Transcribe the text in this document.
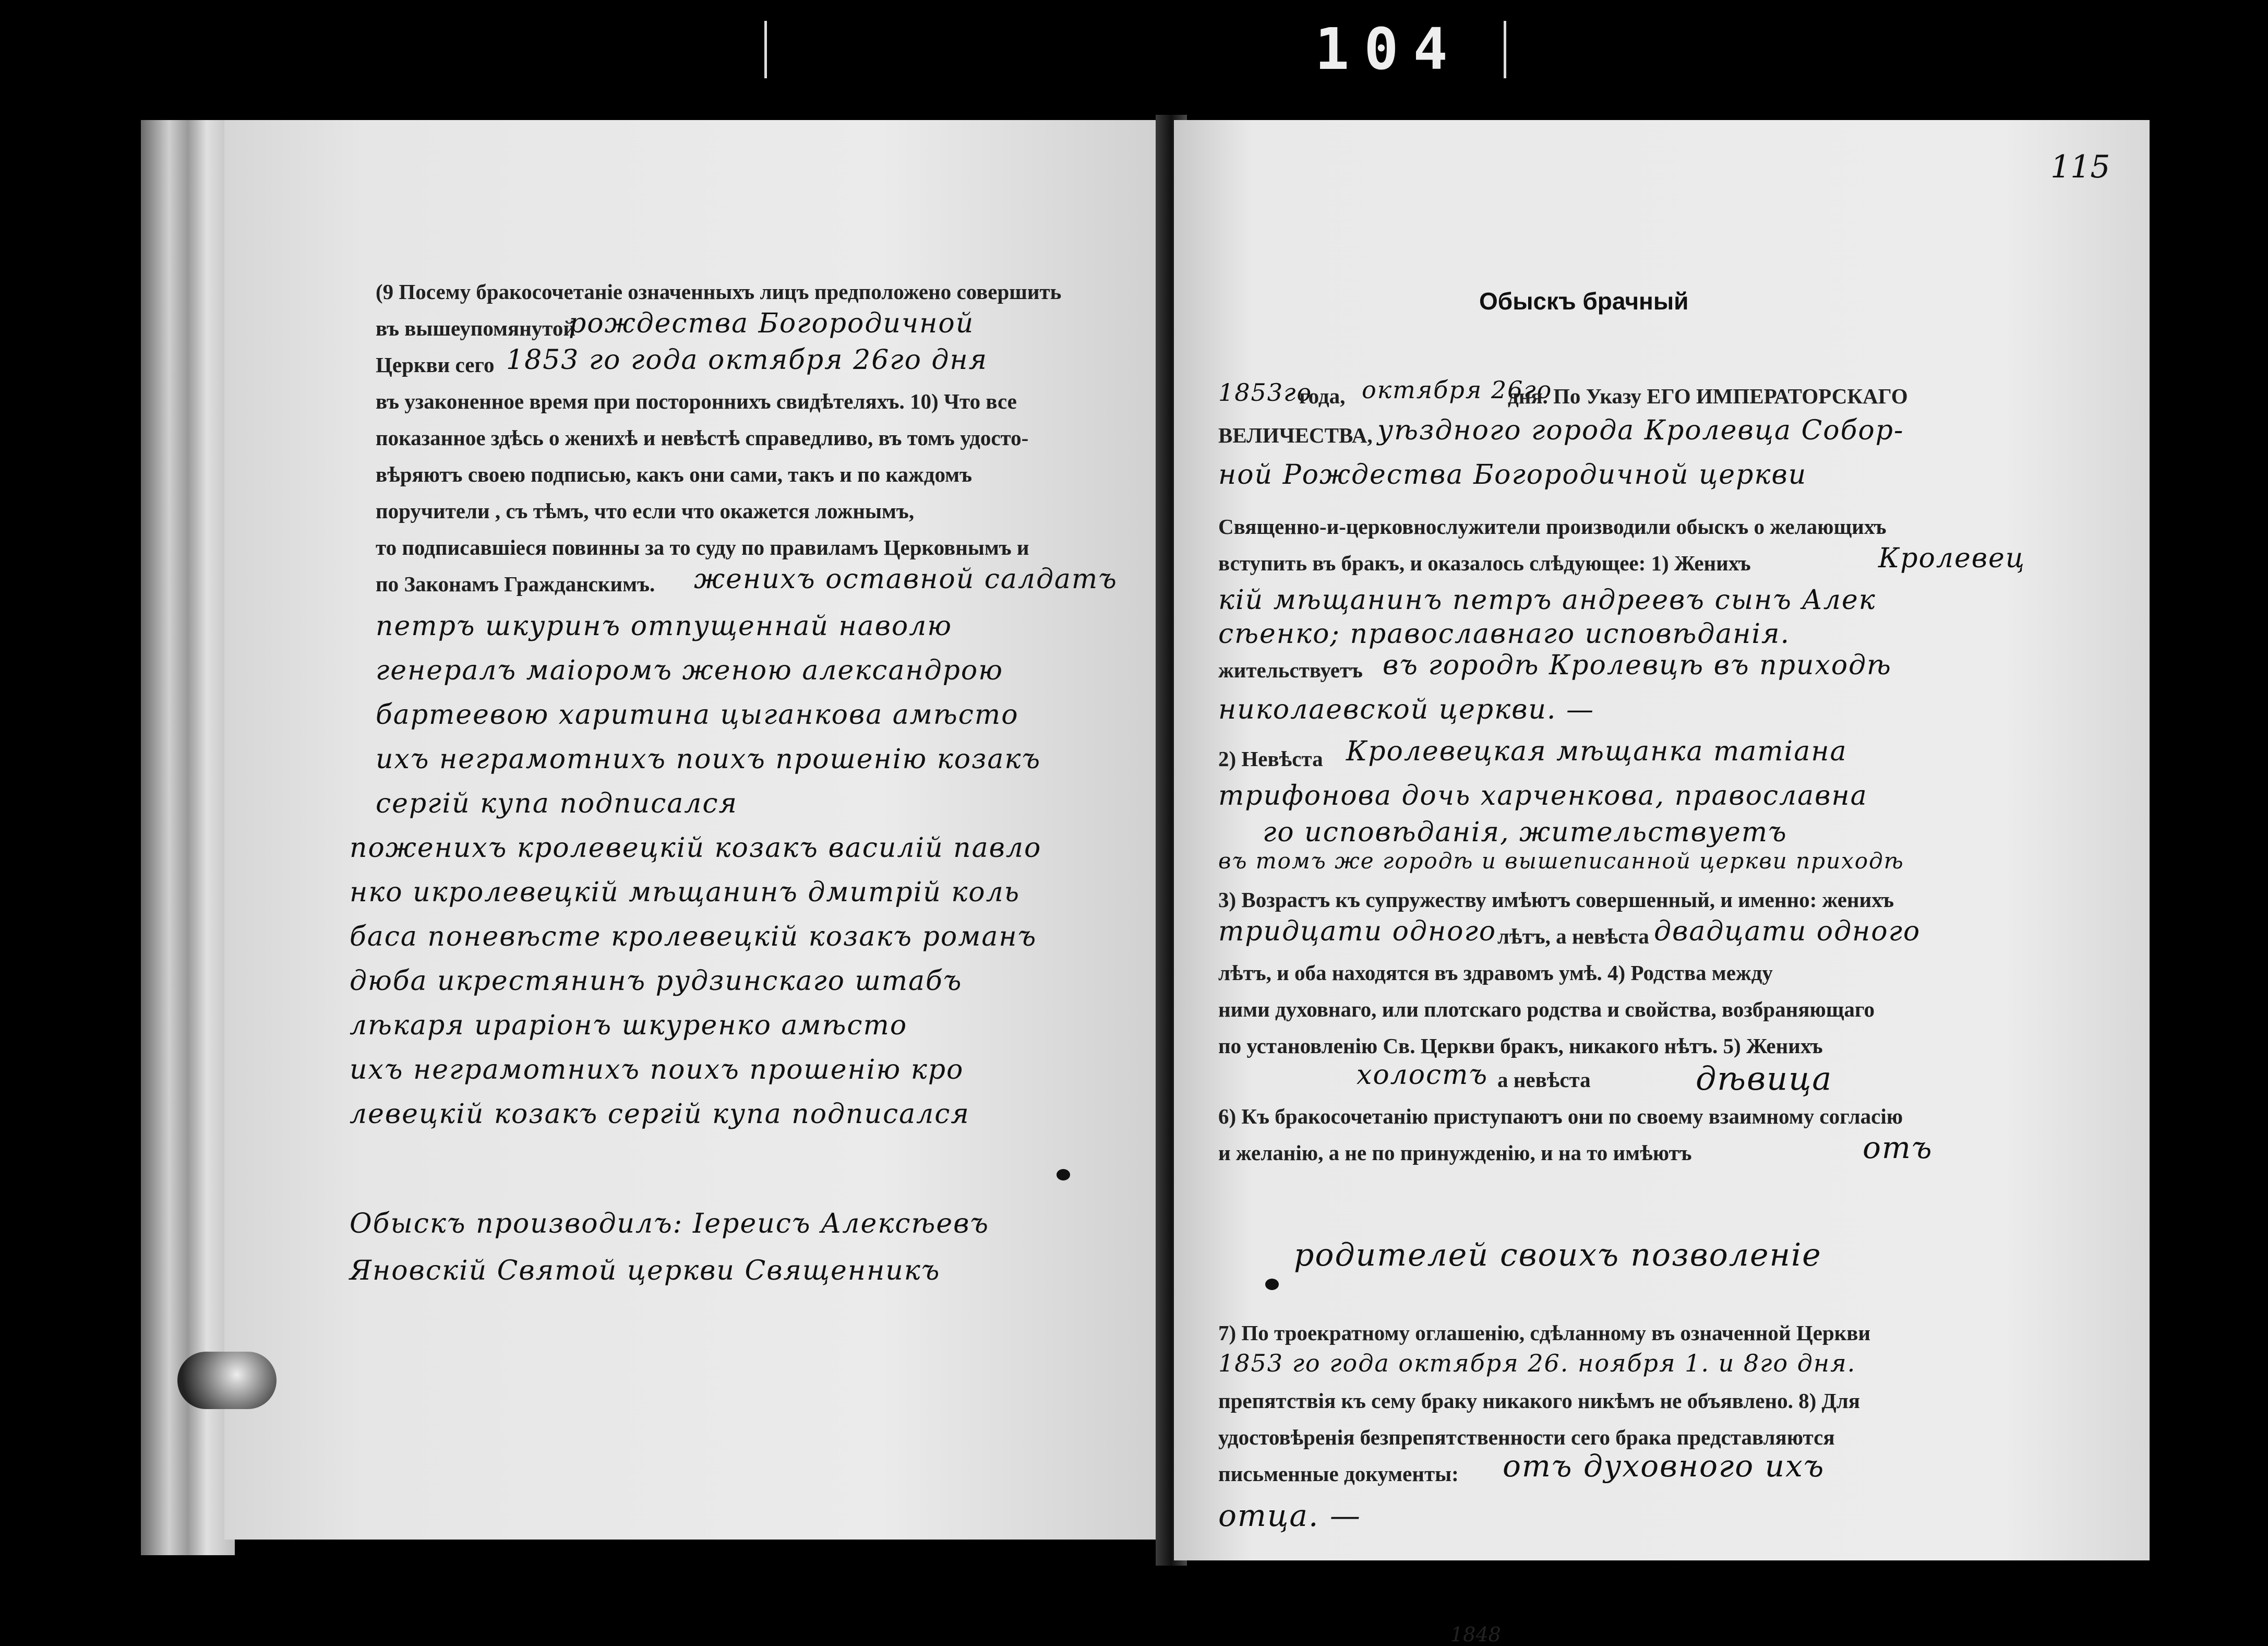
104
(9 Посему бракосочетаніе означенныхъ лицъ предположено совершить
въ вышеупомянутой
рождества Богородичной
Церкви сего 1853 го года октября 26го дня
въ узаконенное время при постороннихъ свидѣтеляхъ. 10) Что все
показанное здѣсь о женихѣ и невѣстѣ справедливо, въ томъ удосто-
вѣряютъ своею подписью, какъ они сами, такъ и по каждомъ
поручители , съ тѣмъ, что если что окажется ложнымъ,
то подписавшіеся повинны за то суду по правиламъ Церковнымъ и
по Законамъ Гражданскимъ. женихъ оставной салдатъ
петръ шкуринъ отпущеннай наволю
генералъ маіоромъ женою александрою
бартеевою харитина цыганкова амѣсто
ихъ неграмотнихъ поихъ прошенію козакъ
сергій купа подписался
поженихъ кролевецкій козакъ василій павло
нко икролевецкій мѣщанинъ дмитрій коль
баса поневѣсте кролевецкій козакъ романъ
дюба икрестянинъ рудзинскаго штабъ
лѣкаря ираріонъ шкуренко амѣсто
ихъ неграмотнихъ поихъ прошенію кро
левецкій козакъ сергій купа подписался
Обыскъ производилъ: Іереисъ Алексѣевъ
Яновскій Святой церкви Священникъ
115
Обыскъ брачный
1853го
года, октября 26го
дня. По Указу ЕГО ИМПЕРАТОРСКАГО
ВЕЛИЧЕСТВА, уѣздного города Кролевца Собор-
ной Рождества Богородичной церкви
Священно-и-церковнослужители производили обыскъ о желающихъ
вступить въ бракъ, и оказалось слѣдующее: 1) Женихъ	Кролевец
кій мѣщанинъ петръ андреевъ сынъ Алек
сѣенко; православнаго исповѣданія.
жительствуетъ въ городѣ Кролевцѣ въ приходѣ
николаевской церкви. —
2) Невѣста Кролевецкая мѣщанка татіана
трифонова дочь харченкова, православна
го исповѣданія, жительствуетъ
въ томъ же городѣ и вышеписанной церкви приходѣ
3) Возрастъ къ супружеству имѣютъ совершенный, и именно: женихъ
тридцати одного лѣтъ, а невѣста двадцати одного
лѣтъ, и оба находятся въ здравомъ умѣ. 4) Родства между
ними духовнаго, или плотскаго родства и свойства, возбраняющаго
по установленію Св. Церкви бракъ, никакого нѣтъ. 5) Женихъ
холостъ а невѣста	дѣвица
6) Къ бракосочетанію приступаютъ они по своему взаимному согласію
и желанію, а не по принужденію, и на то имѣютъ	отъ
родителей своихъ позволеніе
7) По троекратному оглашенію, сдѣланному въ означенной Церкви
1853 го года октября 26. ноября 1. и 8го дня.
препятствія къ сему браку никакого никѣмъ не объявлено. 8) Для
удостовѣренія безпрепятственности сего брака представляются
письменные документы: отъ духовного ихъ
отца. —
1848
